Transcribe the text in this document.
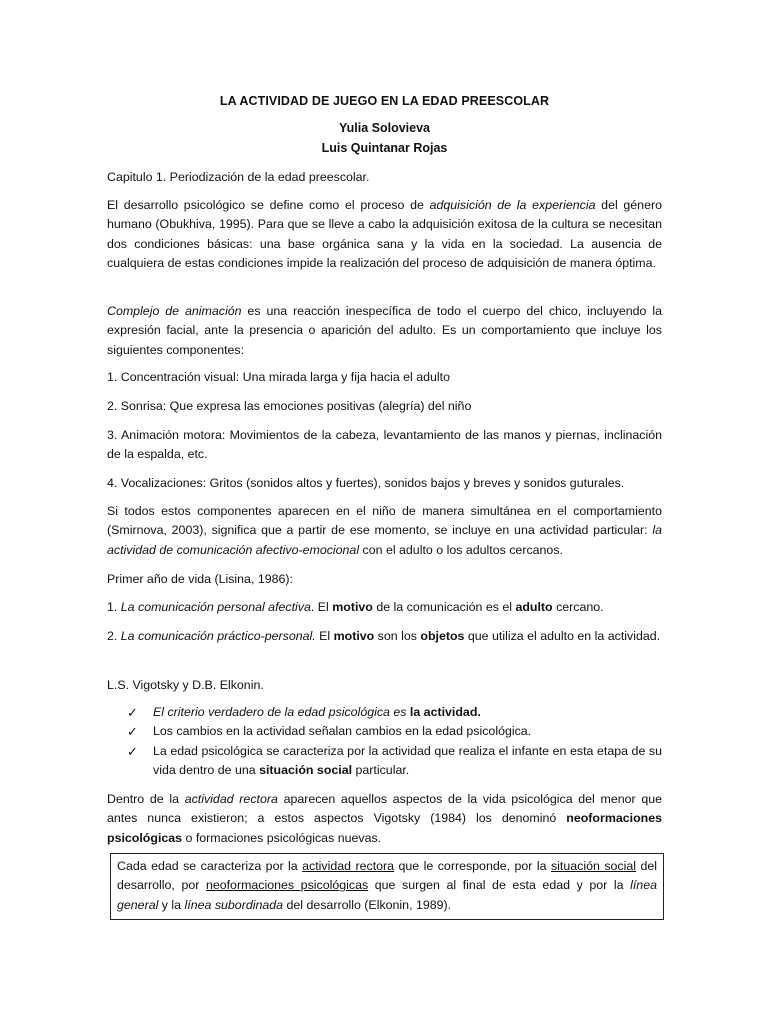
LA ACTIVIDAD DE JUEGO EN LA EDAD PREESCOLAR
Yulia Solovieva
Luis Quintanar Rojas

Capitulo 1. Periodización de la edad preescolar.

El desarrollo psicológico se define como el proceso de adquisición de la experiencia del género humano (Obukhiva, 1995). Para que se lleve a cabo la adquisición exitosa de la cultura se necesitan dos condiciones básicas: una base orgánica sana y la vida en la sociedad. La ausencia de cualquiera de estas condiciones impide la realización del proceso de adquisición de manera óptima.

Complejo de animación es una reacción inespecífica de todo el cuerpo del chico, incluyendo la expresión facial, ante la presencia o aparición del adulto. Es un comportamiento que incluye los siguientes componentes:

1. Concentración visual: Una mirada larga y fija hacia el adulto

2. Sonrisa: Que expresa las emociones positivas (alegría) del niño

3. Animación motora: Movimientos de la cabeza, levantamiento de las manos y piernas, inclinación de la espalda, etc.

4. Vocalizaciones: Gritos (sonidos altos y fuertes), sonidos bajos y breves y sonidos guturales.

Si todos estos componentes aparecen en el niño de manera simultánea en el comportamiento (Smirnova, 2003), significa que a partir de ese momento, se incluye en una actividad particular: la actividad de comunicación afectivo-emocional con el adulto o los adultos cercanos.

Primer año de vida (Lisina, 1986):

1. La comunicación personal afectiva. El motivo de la comunicación es el adulto cercano.

2. La comunicación práctico-personal. El motivo son los objetos que utiliza el adulto en la actividad.

L.S. Vigotsky y D.B. Elkonin.

✓ El criterio verdadero de la edad psicológica es la actividad.
✓ Los cambios en la actividad señalan cambios en la edad psicológica.
✓ La edad psicológica se caracteriza por la actividad que realiza el infante en esta etapa de su vida dentro de una situación social particular.

Dentro de la actividad rectora aparecen aquellos aspectos de la vida psicológica del menor que antes nunca existieron; a estos aspectos Vigotsky (1984) los denominó neoformaciones psicológicas o formaciones psicológicas nuevas.

Cada edad se caracteriza por la actividad rectora que le corresponde, por la situación social del desarrollo, por neoformaciones psicológicas que surgen al final de esta edad y por la línea general y la línea subordinada del desarrollo (Elkonin, 1989).
